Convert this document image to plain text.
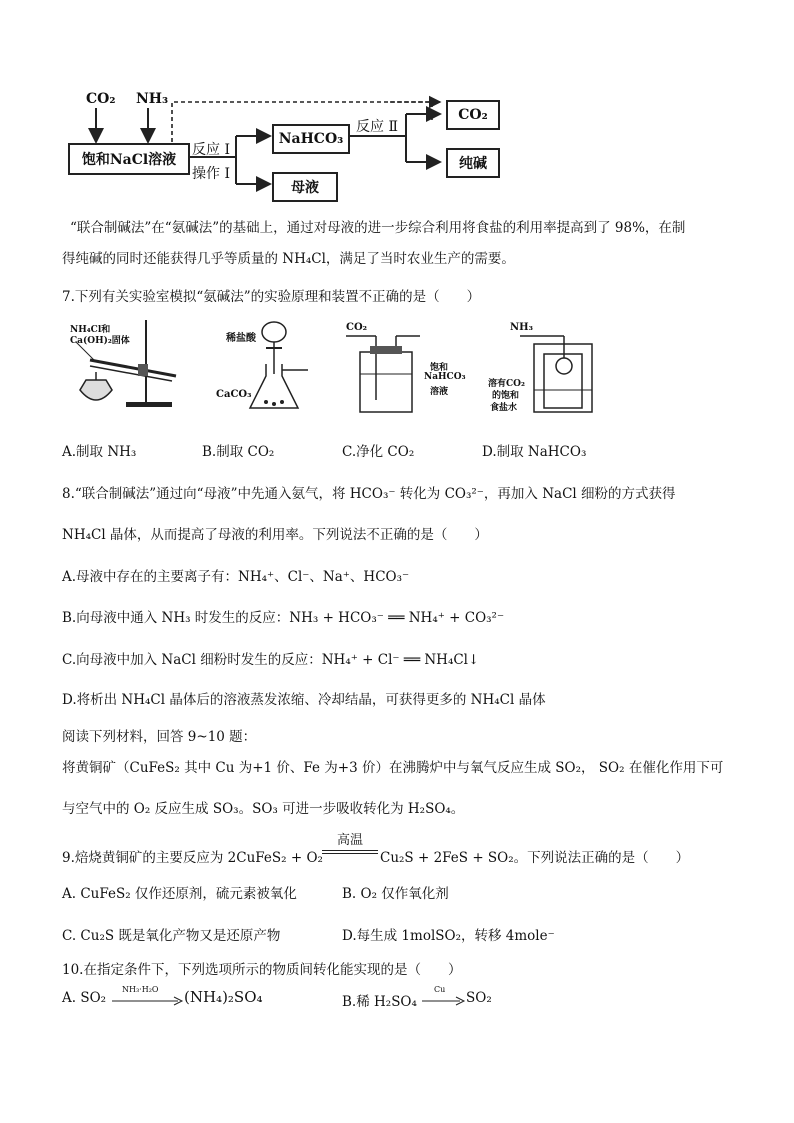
CO₂ NH₃
饱和NaCl溶液
反应 Ⅰ
操作 Ⅰ
NaHCO₃
母液
反应 Ⅱ
CO₂
纯碱
“联合制碱法”在“氨碱法”的基础上，通过对母液的进一步综合利用将食盐的利用率提高到了 98%，在制
得纯碱的同时还能获得几乎等质量的 NH₄Cl，满足了当时农业生产的需要。
7.下列有关实验室模拟“氨碱法”的实验原理和装置不正确的是（　　）
NH₄Cl和
Ca(OH)₂固体	稀盐酸
CaCO₃
CO₂
饱和
NaHCO₃
溶液
NH₃
溶有CO₂
的饱和
食盐水
A.制取 NH₃	B.制取 CO₂	C.净化 CO₂	D.制取 NaHCO₃
8.“联合制碱法”通过向“母液”中先通入氨气，将 HCO₃⁻ 转化为 CO₃²⁻，再加入 NaCl 细粉的方式获得
NH₄Cl 晶体，从而提高了母液的利用率。下列说法不正确的是（　　）
A.母液中存在的主要离子有：NH₄⁺、Cl⁻、Na⁺、HCO₃⁻
B.向母液中通入 NH₃ 时发生的反应：NH₃ + HCO₃⁻ ══ NH₄⁺ + CO₃²⁻
C.向母液中加入 NaCl 细粉时发生的反应：NH₄⁺ + Cl⁻ ══ NH₄Cl↓
D.将析出 NH₄Cl 晶体后的溶液蒸发浓缩、冷却结晶，可获得更多的 NH₄Cl 晶体
阅读下列材料，回答 9~10 题：
将黄铜矿（CuFeS₂ 其中 Cu 为+1 价、Fe 为+3 价）在沸腾炉中与氧气反应生成 SO₂， SO₂ 在催化作用下可
与空气中的 O₂ 反应生成 SO₃。SO₃ 可进一步吸收转化为 H₂SO₄。
9.焙烧黄铜矿的主要反应为 2CuFeS₂ + O₂
高温
Cu₂S + 2FeS + SO₂。下列说法正确的是（　　）
A. CuFeS₂ 仅作还原剂，硫元素被氧化	B. O₂ 仅作氧化剂
C. Cu₂S 既是氧化产物又是还原产物	D.每生成 1molSO₂，转移 4mole⁻
10.在指定条件下，下列选项所示的物质间转化能实现的是（　　）
A. SO₂
NH₃·H₂O (NH₄)₂SO₄	B.稀 H₂SO₄
Cu
SO₂
